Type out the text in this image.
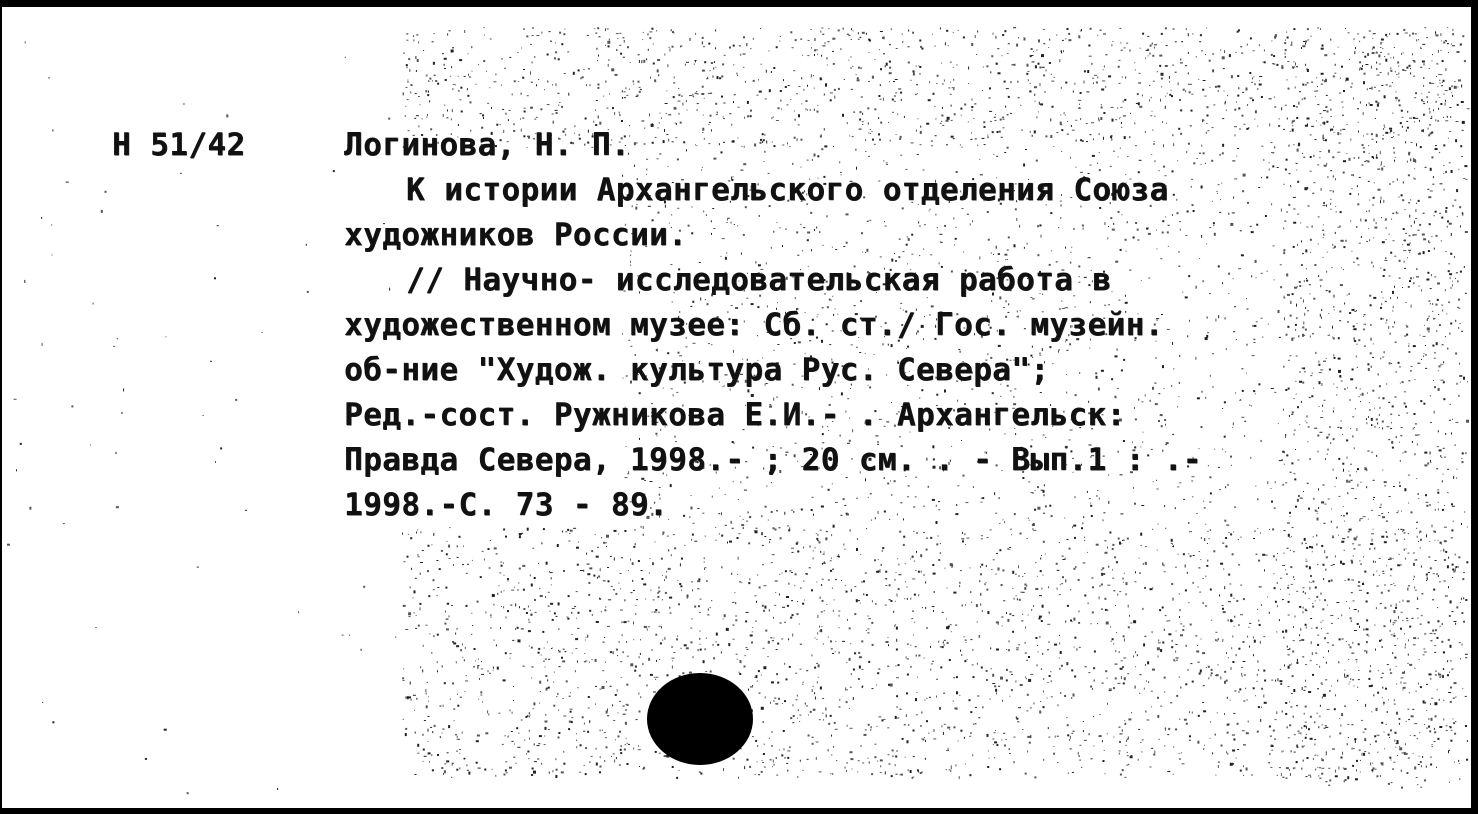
Н 51/42	Логинова, Н. П.
К истории Архангельского отделения Союза
художников России.
// Научно- исследовательская работа в
художественном музее: Сб. ст./ Гос. музейн.
об-ние "Худож. культура Рус. Севера";
Ред.-сост. Ружникова Е.И.- . Архангельск:
Правда Севера, 1998.- ; 20 см. . - Вып.1 : .-
1998.-С. 73 - 89.
